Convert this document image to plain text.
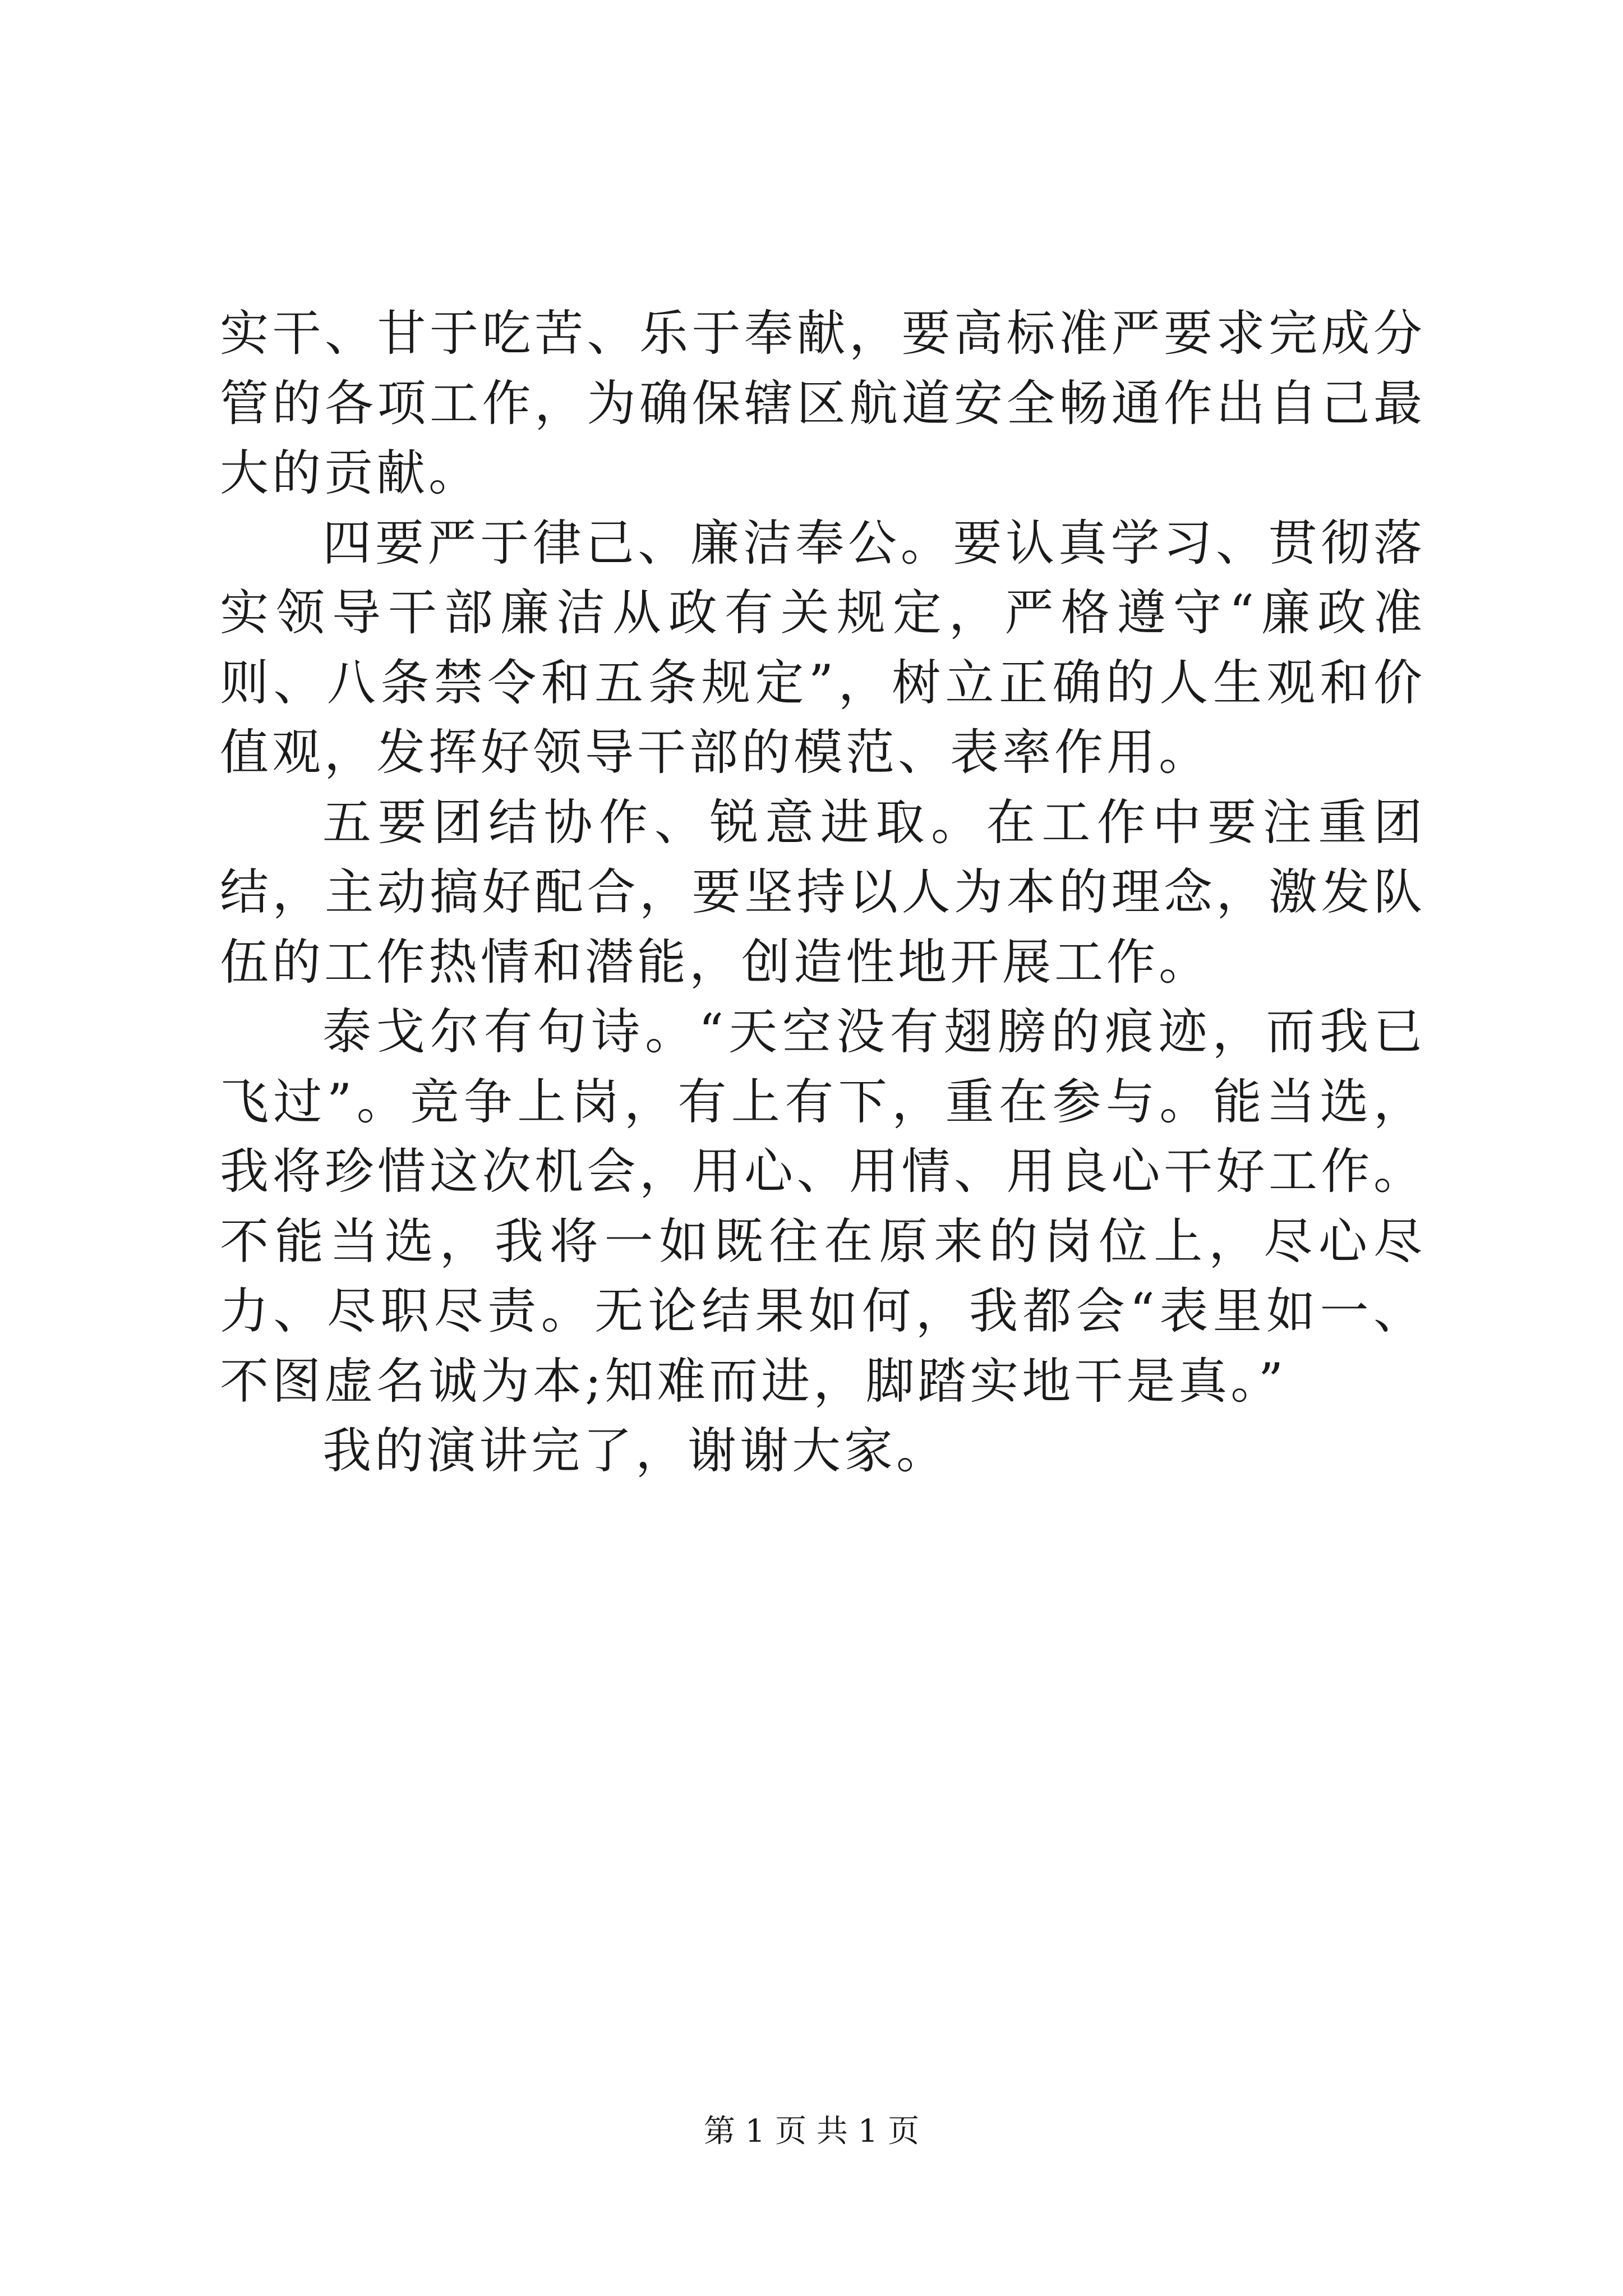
实干、甘于吃苦、乐于奉献，要高标准严要求完成分管的各项工作，为确保辖区航道安全畅通作出自己最大的贡献。

四要严于律己、廉洁奉公。要认真学习、贯彻落实领导干部廉洁从政有关规定，严格遵守“廉政准则、八条禁令和五条规定”，树立正确的人生观和价值观，发挥好领导干部的模范、表率作用。

五要团结协作、锐意进取。在工作中要注重团结，主动搞好配合，要坚持以人为本的理念，激发队伍的工作热情和潜能，创造性地开展工作。

泰戈尔有句诗。“天空没有翅膀的痕迹，而我已飞过”。竞争上岗，有上有下，重在参与。能当选，我将珍惜这次机会，用心、用情、用良心干好工作。不能当选，我将一如既往在原来的岗位上，尽心尽力、尽职尽责。无论结果如何，我都会“表里如一、不图虚名诚为本;知难而进，脚踏实地干是真。”

我的演讲完了，谢谢大家。

第 1 页 共 1 页
